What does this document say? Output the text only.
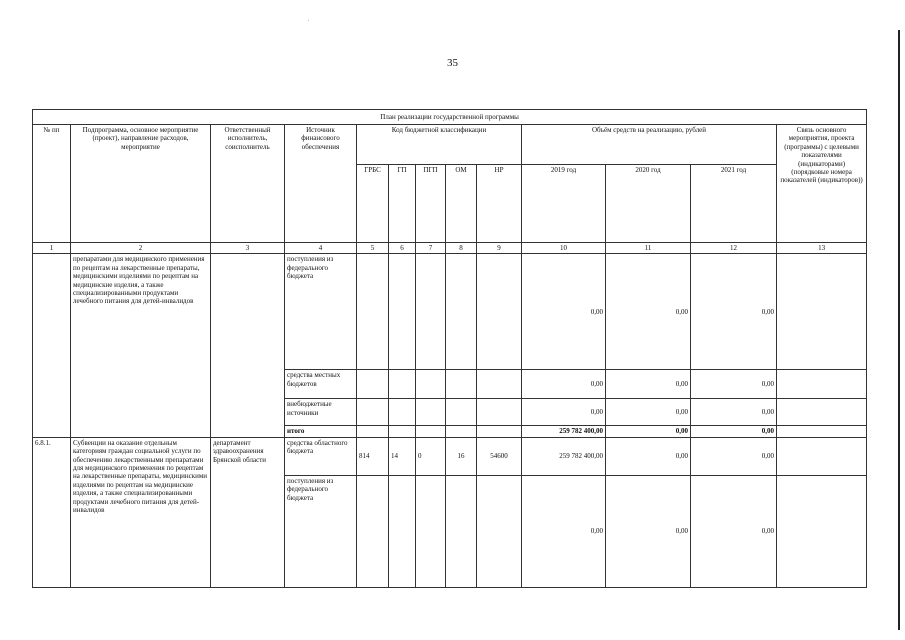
35
План реализации государственной программы												
№ пп	Подпрограмма, основное мероприятие (проект), направление расходов, мероприятие	Ответственный исполнитель, соисполнитель	Источник финансового обеспечения	Код бюджетной классификации					Объём средств на реализацию, рублей			Связь основного мероприятия, проекта (программы) с целевыми показателями (индикаторами) (порядковые номера показателей (индикаторов))
				ГРБС	ГП	ПГП	ОМ	НР	2019 год	2020 год	2021 год	
1	2	3	4	5	6	7	8	9	10	11	12	13
	препаратами для медицинского применения по рецептам на лекарственные препараты, медицинскими изделиями по рецептам на медицинские изделия, а также специализированными продуктами лечебного питания для детей-инвалидов		поступления из федерального бюджета						0,00	0,00	0,00	
			средства местных бюджетов						0,00	0,00	0,00	
			внебюджетные источники						0,00	0,00	0,00	
			итого						259 782 400,00	0,00	0,00	
6.8.1.	Субвенции на оказание отдельным категориям граждан социальной услуги по обеспечению лекарственными препаратами для медицинского применения по рецептам на лекарственные препараты, медицинскими изделиями по рецептам на медицинские изделия, а также специализированными продуктами лечебного питания для детей-инвалидов	департамент здравоохранения Брянской области	средства областного бюджета	814	14	0	16	54600	259 782 400,00	0,00	0,00	
			поступления из федерального бюджета						0,00	0,00	0,00	
